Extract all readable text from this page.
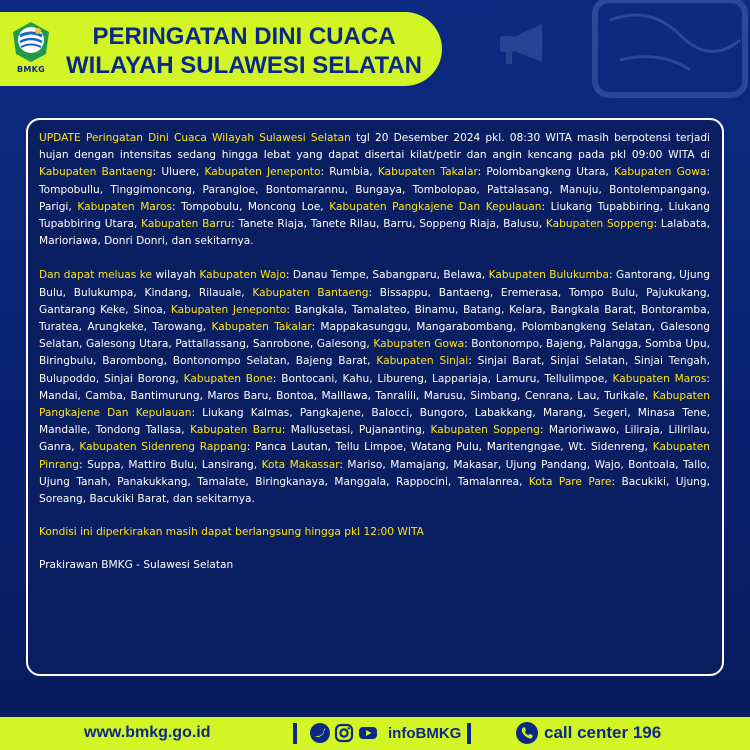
BMKG
PERINGATAN DINI CUACA
WILAYAH SULAWESI SELATAN
UPDATE Peringatan Dini Cuaca Wilayah Sulawesi Selatan tgl 20 Desember 2024 pkl. 08:30 WITA masih berpotensi terjadi hujan dengan intensitas sedang hingga lebat yang dapat disertai kilat/petir dan angin kencang pada pkl 09:00 WITA di Kabupaten Bantaeng: Uluere, Kabupaten Jeneponto: Rumbia, Kabupaten Takalar: Polombangkeng Utara, Kabupaten Gowa: Tompobullu, Tinggimoncong, Parangloe, Bontomarannu, Bungaya, Tombolopao, Pattalasang, Manuju, Bontolempangang, Parigi, Kabupaten Maros: Tompobulu, Moncong Loe, Kabupaten Pangkajene Dan Kepulauan: Liukang Tupabbiring, Liukang Tupabbiring Utara, Kabupaten Barru: Tanete Riaja, Tanete Rilau, Barru, Soppeng Riaja, Balusu, Kabupaten Soppeng: Lalabata, Marioriawa, Donri Donri, dan sekitarnya.
Dan dapat meluas ke wilayah Kabupaten Wajo: Danau Tempe, Sabangparu, Belawa, Kabupaten Bulukumba: Gantorang, Ujung Bulu, Bulukumpa, Kindang, Rilauale, Kabupaten Bantaeng: Bissappu, Bantaeng, Eremerasa, Tompo Bulu, Pajukukang, Gantarang Keke, Sinoa, Kabupaten Jeneponto: Bangkala, Tamalateo, Binamu, Batang, Kelara, Bangkala Barat, Bontoramba, Turatea, Arungkeke, Tarowang, Kabupaten Takalar: Mappakasunggu, Mangarabombang, Polombangkeng Selatan, Galesong Selatan, Galesong Utara, Pattallassang, Sanrobone, Galesong, Kabupaten Gowa: Bontonompo, Bajeng, Palangga, Somba Upu, Biringbulu, Barombong, Bontonompo Selatan, Bajeng Barat, Kabupaten Sinjai: Sinjai Barat, Sinjai Selatan, Sinjai Tengah, Bulupoddo, Sinjai Borong, Kabupaten Bone: Bontocani, Kahu, Libureng, Lappariaja, Lamuru, Tellulimpoe, Kabupaten Maros: Mandai, Camba, Bantimurung, Maros Baru, Bontoa, Malllawa, Tanralili, Marusu, Simbang, Cenrana, Lau, Turikale, Kabupaten Pangkajene Dan Kepulauan: Liukang Kalmas, Pangkajene, Balocci, Bungoro, Labakkang, Marang, Segeri, Minasa Tene, Mandalle, Tondong Tallasa, Kabupaten Barru: Mallusetasi, Pujananting, Kabupaten Soppeng: Marioriwawo, Liliraja, Lilirilau, Ganra, Kabupaten Sidenreng Rappang: Panca Lautan, Tellu Limpoe, Watang Pulu, Maritengngae, Wt. Sidenreng, Kabupaten Pinrang: Suppa, Mattiro Bulu, Lansirang, Kota Makassar: Mariso, Mamajang, Makasar, Ujung Pandang, Wajo, Bontoala, Tallo, Ujung Tanah, Panakukkang, Tamalate, Biringkanaya, Manggala, Rappocini, Tamalanrea, Kota Pare Pare: Bacukiki, Ujung, Soreang, Bacukiki Barat, dan sekitarnya.
Kondisi ini diperkirakan masih dapat berlangsung hingga pkl 12:00 WITA
Prakirawan BMKG - Sulawesi Selatan
www.bmkg.go.id	infoBMKG	call center 196
